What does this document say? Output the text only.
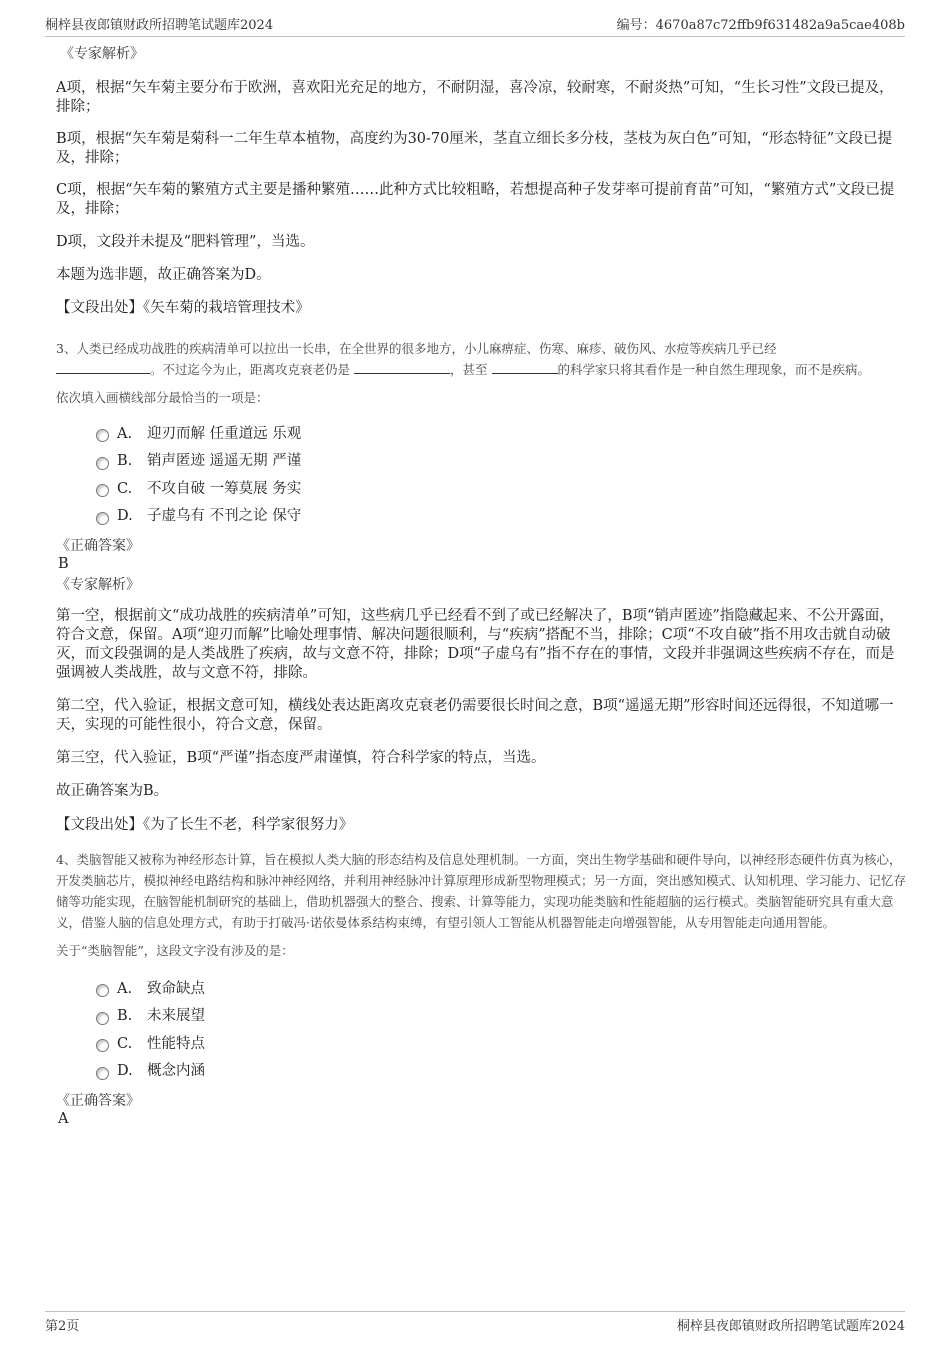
桐梓县夜郎镇财政所招聘笔试题库2024	编号：4670a87c72ffb9f631482a9a5cae408b
《专家解析》

A项，根据“矢车菊主要分布于欧洲，喜欢阳光充足的地方，不耐阴湿，喜冷凉，较耐寒，不耐炎热”可知，“生长习性”文段已提及，排除；

B项，根据“矢车菊是菊科一二年生草本植物，高度约为30-70厘米，茎直立细长多分枝，茎枝为灰白色”可知，“形态特征”文段已提及，排除；

C项，根据“矢车菊的繁殖方式主要是播种繁殖……此种方式比较粗略，若想提高种子发芽率可提前育苗”可知，“繁殖方式”文段已提及，排除；

D项，文段并未提及“肥料管理”，当选。

本题为选非题，故正确答案为D。

【文段出处】《矢车菊的栽培管理技术》

3、人类已经成功战胜的疾病清单可以拉出一长串，在全世界的很多地方，小儿麻痹症、伤寒、麻疹、破伤风、水痘等疾病几乎已经
。不过迄今为止，距离攻克衰老仍是	，甚至	的科学家只将其看作是一种自然生理现象，而不是疾病。

依次填入画横线部分最恰当的一项是：
A.	迎刃而解 任重道远 乐观
B.	销声匿迹 遥遥无期 严谨
C.	不攻自破 一筹莫展 务实
D. 子虚乌有 不刊之论 保守
《正确答案》
B
《专家解析》

第一空，根据前文“成功战胜的疾病清单”可知，这些病几乎已经看不到了或已经解决了，B项“销声匿迹”指隐藏起来、不公开露面，符合文意，保留。A项“迎刃而解”比喻处理事情、解决问题很顺利，与“疾病”搭配不当，排除；C项“不攻自破”指不用攻击就自动破灭，而文段强调的是人类战胜了疾病，故与文意不符，排除；D项“子虚乌有”指不存在的事情，文段并非强调这些疾病不存在，而是强调被人类战胜，故与文意不符，排除。

第二空，代入验证，根据文意可知，横线处表达距离攻克衰老仍需要很长时间之意，B项“遥遥无期”形容时间还远得很，不知道哪一天，实现的可能性很小，符合文意，保留。

第三空，代入验证，B项“严谨”指态度严肃谨慎，符合科学家的特点，当选。

故正确答案为B。

【文段出处】《为了长生不老，科学家很努力》

4、类脑智能又被称为神经形态计算，旨在模拟人类大脑的形态结构及信息处理机制。一方面，突出生物学基础和硬件导向，以神经形态硬件仿真为核心，开发类脑芯片，模拟神经电路结构和脉冲神经网络，并利用神经脉冲计算原理形成新型物理模式；另一方面，突出感知模式、认知机理、学习能力、记忆存储等功能实现，在脑智能机制研究的基础上，借助机器强大的整合、搜索、计算等能力，实现功能类脑和性能超脑的运行模式。类脑智能研究具有重大意义，借鉴人脑的信息处理方式，有助于打破冯·诺依曼体系结构束缚，有望引领人工智能从机器智能走向增强智能，从专用智能走向通用智能。

关于“类脑智能”，这段文字没有涉及的是：
A.	致命缺点
B.	未来展望
C.	性能特点
D. 概念内涵
《正确答案》
A
第2页	桐梓县夜郎镇财政所招聘笔试题库2024
